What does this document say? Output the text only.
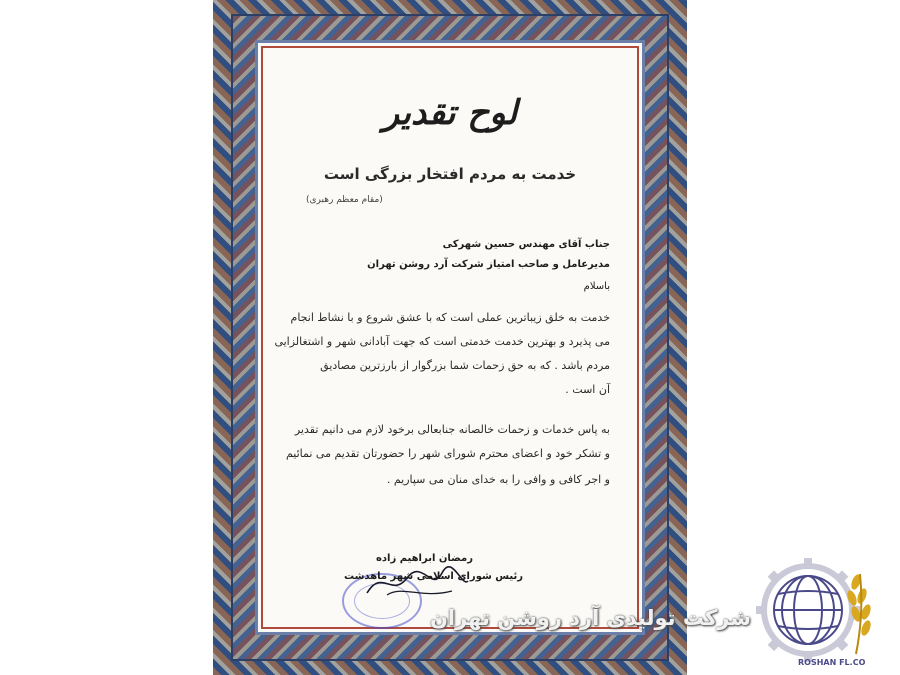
لوح تقدیر
خدمت به مردم افتخار بزرگی است
(مقام معظم رهبری)
جناب آقای مهندس حسین شهرکی
مدیرعامل و صاحب امتیاز شرکت آرد روشن تهران
باسلام
خدمت به خلق زیباترین عملی است که با عشق شروع و با نشاط انجام
می پذیرد و بهترین خدمت خدمتی است که جهت آبادانی شهر و اشتغالزایی
مردم باشد . که به حق زحمات شما بزرگوار از بارزترین مصادیق
آن است .
به پاس خدمات و زحمات خالصانه جنابعالی برخود لازم می دانیم تقدیر
و تشکر خود و اعضای محترم شورای شهر را حضورتان تقدیم می نمائیم
و اجر کافی و وافی را به خدای منان می سپاریم .
رمضان ابراهیم زاده
رئیس شورای اسلامی شهر ماهدشت
شرکت تولیدی آرد روشن تهران
ROSHAN FL.CO
